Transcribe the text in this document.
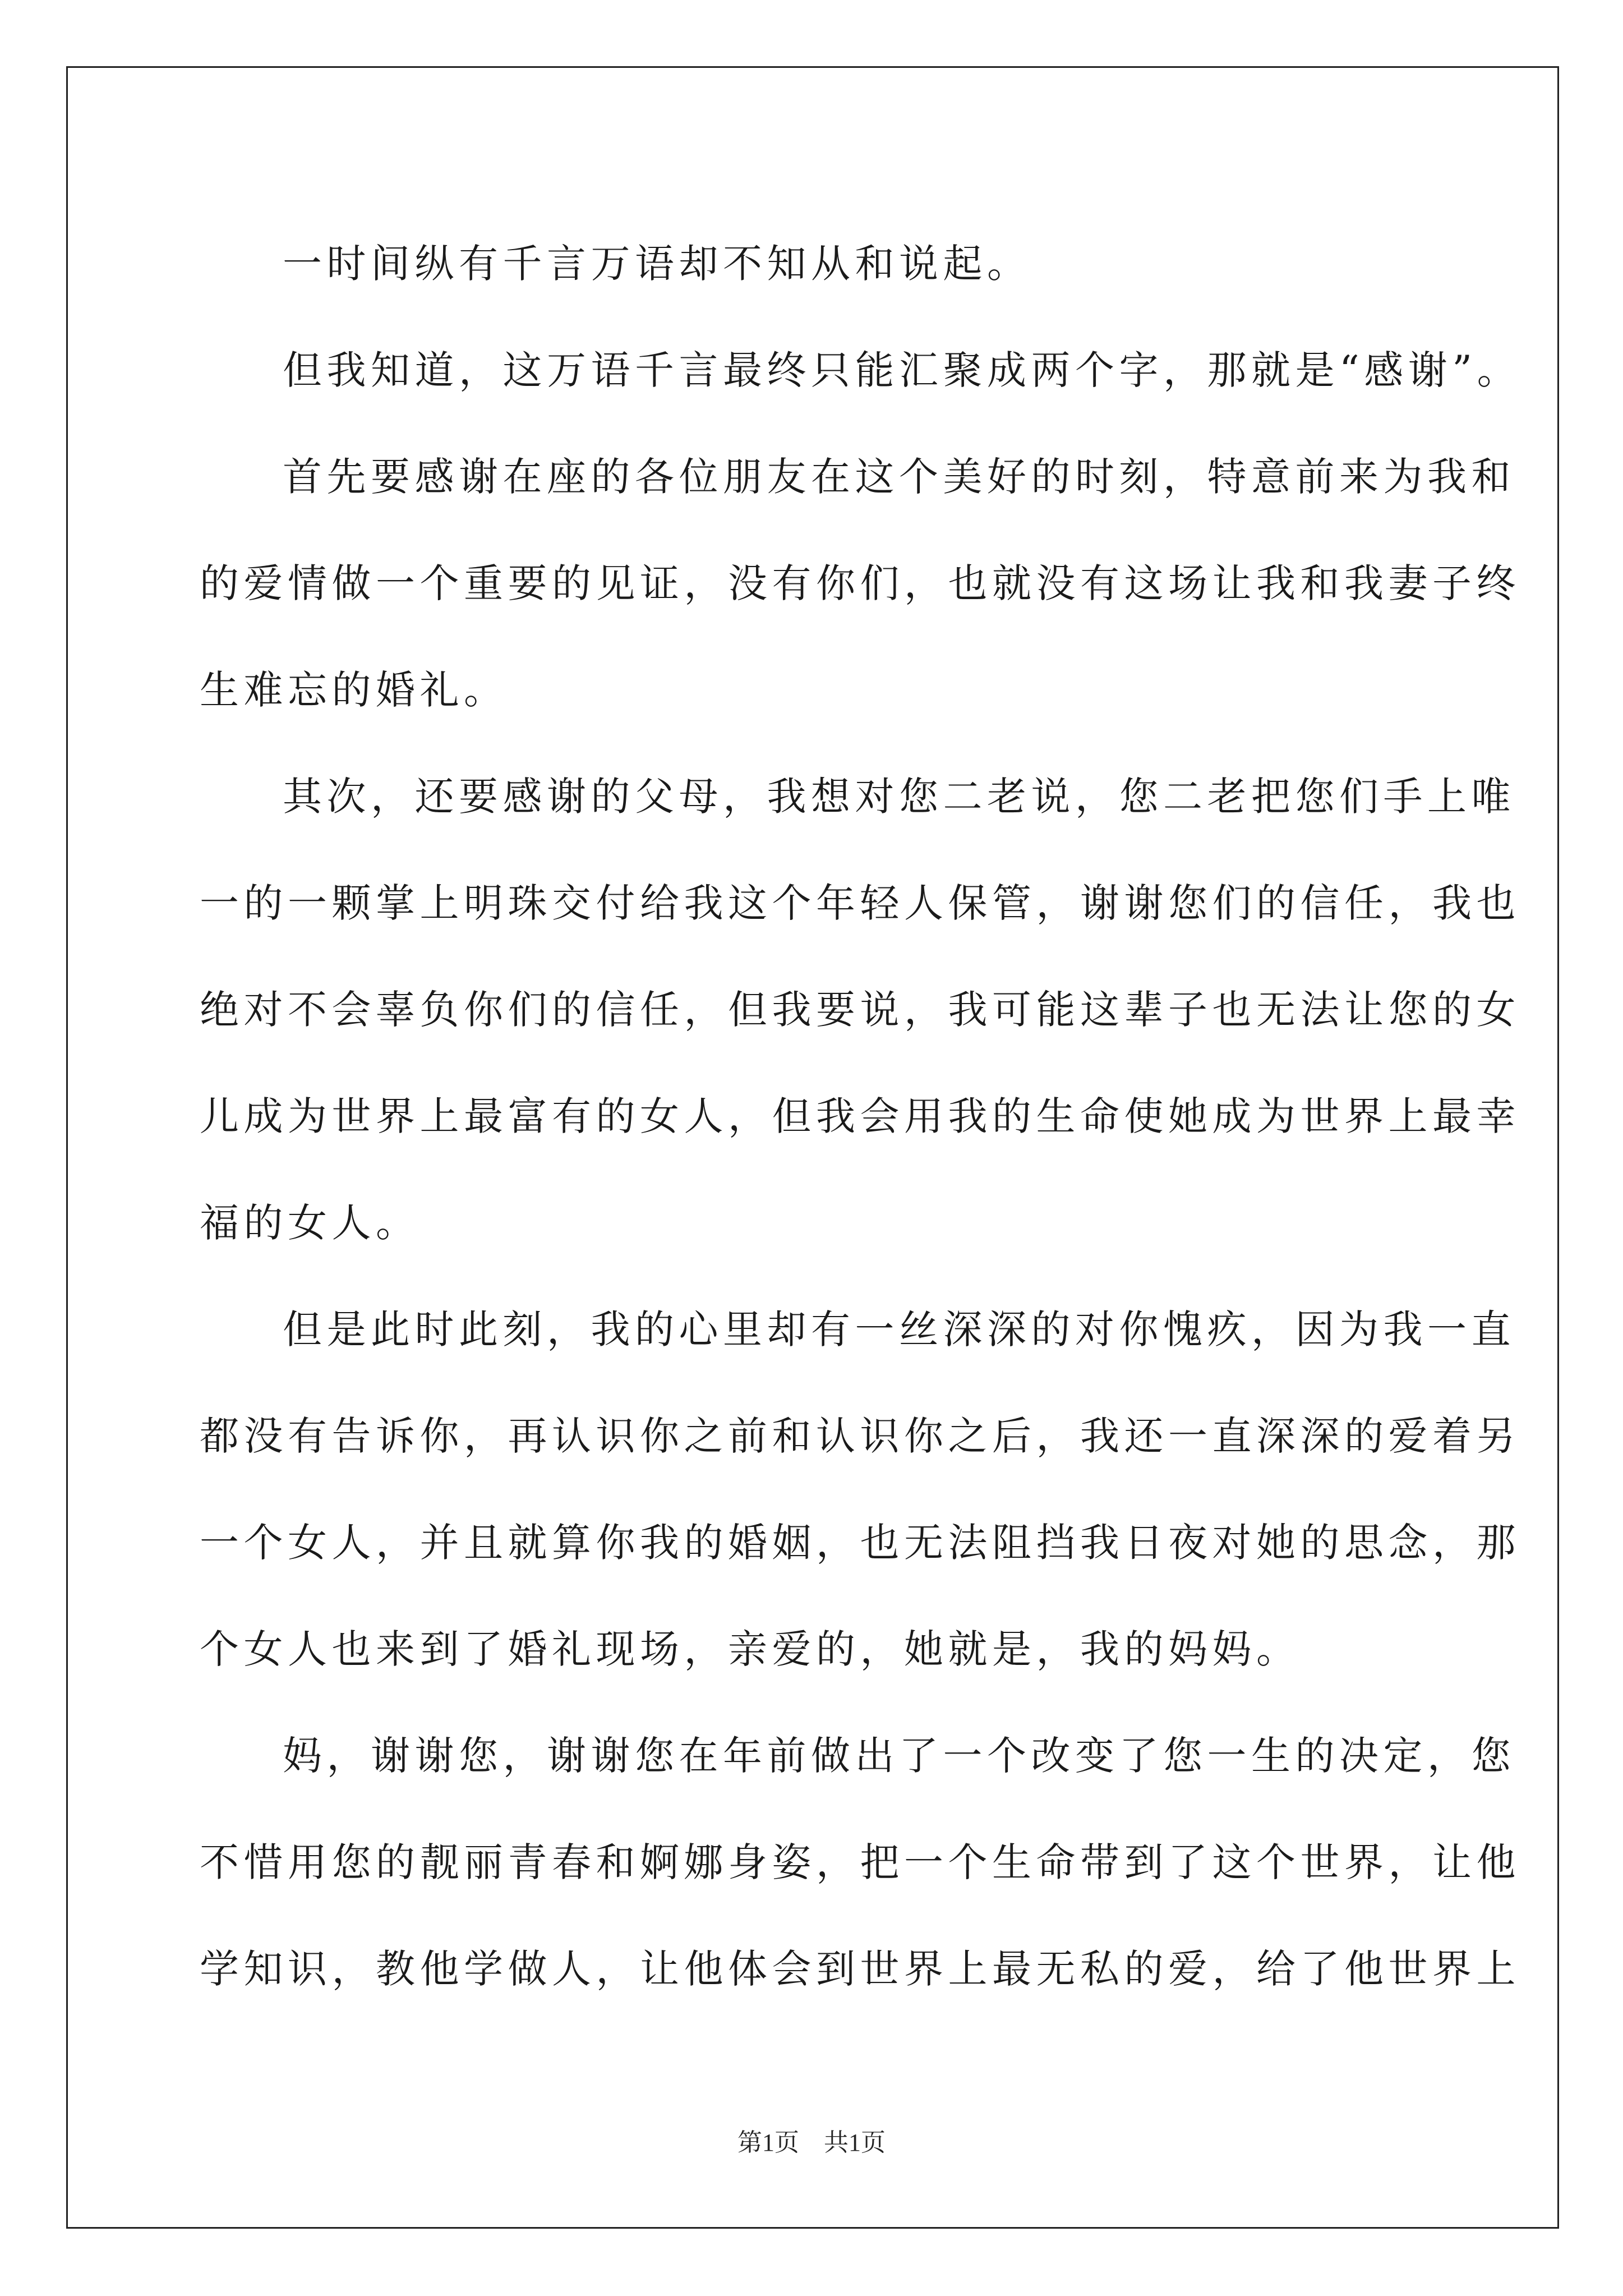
一时间纵有千言万语却不知从和说起。
但我知道，这万语千言最终只能汇聚成两个字，那就是“感谢”。
首先要感谢在座的各位朋友在这个美好的时刻，特意前来为我和
的爱情做一个重要的见证，没有你们，也就没有这场让我和我妻子终
生难忘的婚礼。
其次，还要感谢的父母，我想对您二老说，您二老把您们手上唯
一的一颗掌上明珠交付给我这个年轻人保管，谢谢您们的信任，我也
绝对不会辜负你们的信任，但我要说，我可能这辈子也无法让您的女
儿成为世界上最富有的女人，但我会用我的生命使她成为世界上最幸
福的女人。
但是此时此刻，我的心里却有一丝深深的对你愧疚，因为我一直
都没有告诉你，再认识你之前和认识你之后，我还一直深深的爱着另
一个女人，并且就算你我的婚姻，也无法阻挡我日夜对她的思念，那
个女人也来到了婚礼现场，亲爱的，她就是，我的妈妈。
妈，谢谢您，谢谢您在年前做出了一个改变了您一生的决定，您
不惜用您的靓丽青春和婀娜身姿，把一个生命带到了这个世界，让他
学知识，教他学做人，让他体会到世界上最无私的爱，给了他世界上
第1页 共1页
